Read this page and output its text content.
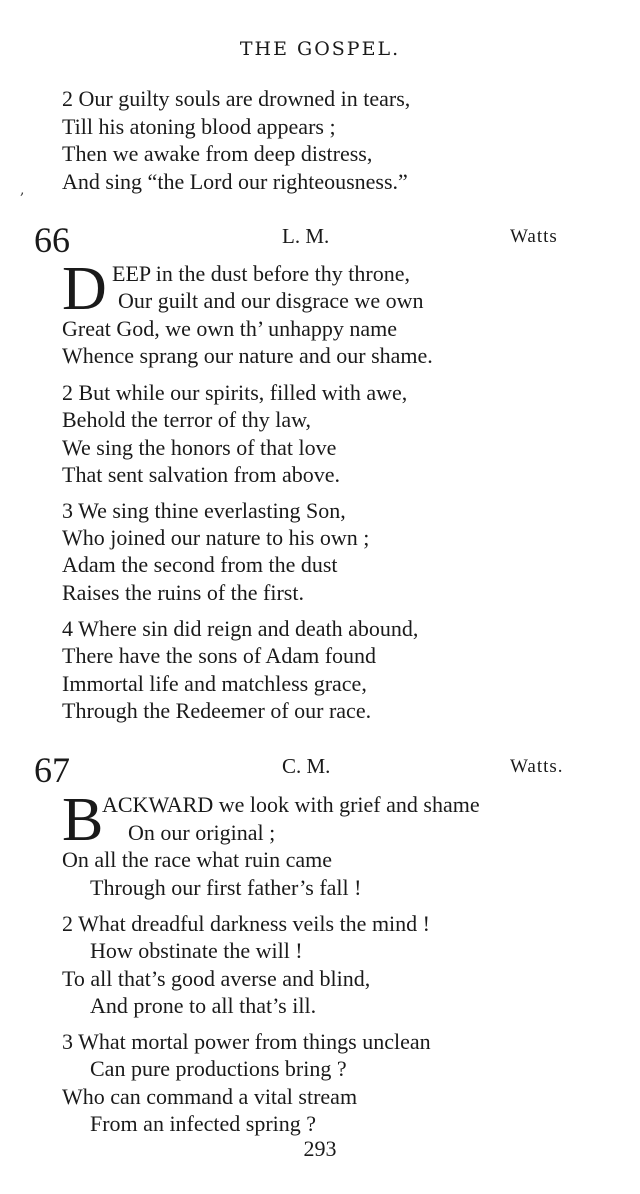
THE GOSPEL.
2 Our guilty souls are drowned in tears,
Till his atoning blood appears ;
Then we awake from deep distress,
And sing “the Lord our righteousness.”
,
66	L. M.	Watts
D EEP in the dust before thy throne,
Our guilt and our disgrace we own
Great God, we own th’ unhappy name
Whence sprang our nature and our shame.
2 But while our spirits, filled with awe,
Behold the terror of thy law,
We sing the honors of that love
That sent salvation from above.
3 We sing thine everlasting Son,
Who joined our nature to his own ;
Adam the second from the dust
Raises the ruins of the first.
4 Where sin did reign and death abound,
There have the sons of Adam found
Immortal life and matchless grace,
Through the Redeemer of our race.
67	C. M.	Watts.
B
ACKWARD we look with grief and shame
On our original ;
On all the race what ruin came
Through our first father’s fall !
2 What dreadful darkness veils the mind !
How obstinate the will !
To all that’s good averse and blind,
And prone to all that’s ill.
3 What mortal power from things unclean
Can pure productions bring ?
Who can command a vital stream
From an infected spring ?
293
